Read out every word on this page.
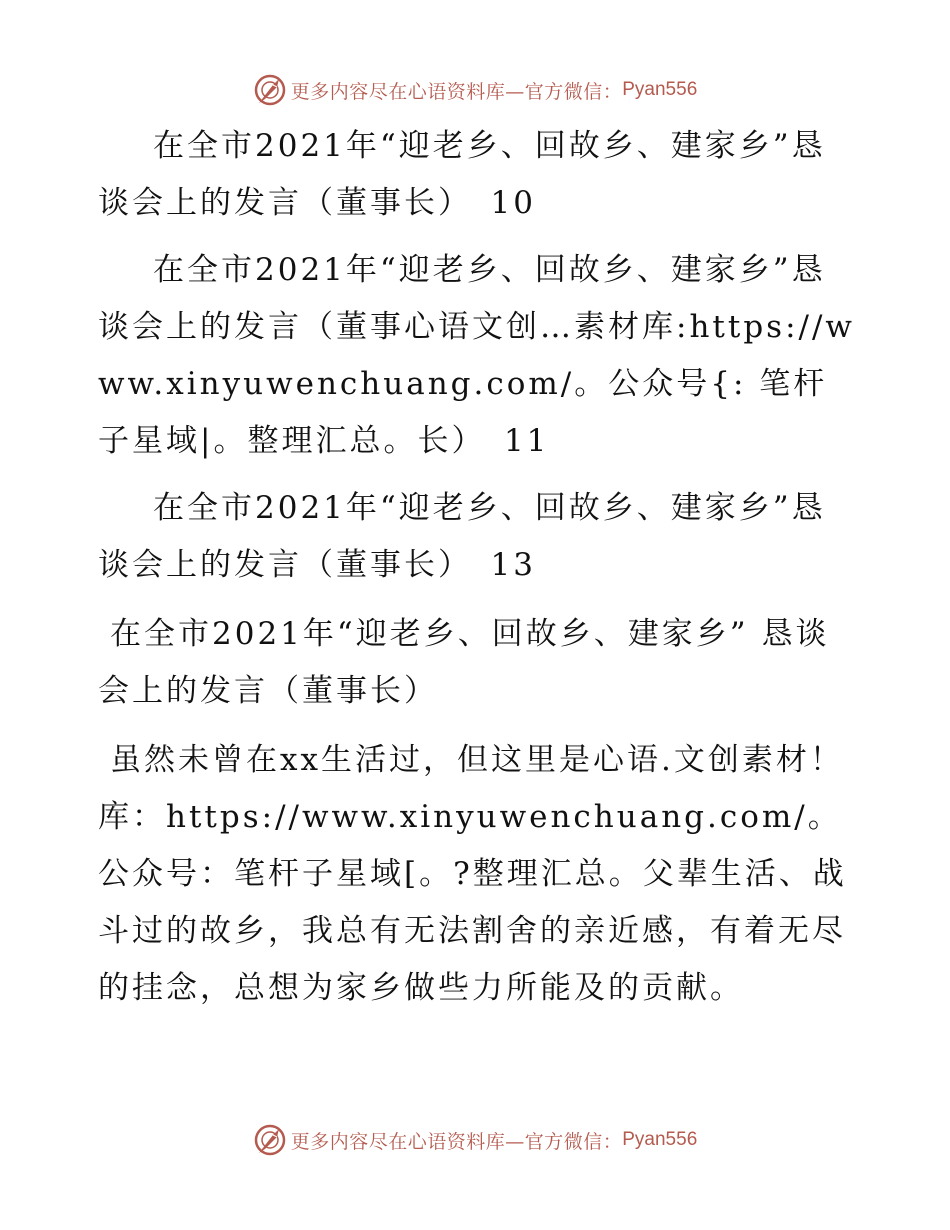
更多内容尽在心语资料库—官方微信： Pyan556

在全市2021年“迎老乡、回故乡、建家乡”恳谈会上的发言（董事长）　10

在全市2021年“迎老乡、回故乡、建家乡”恳谈会上的发言（董事心语文创…素材库:https://www.xinyuwenchuang.com/。公众号{: 笔杆子星域|。整理汇总。长）　11

在全市2021年“迎老乡、回故乡、建家乡”恳谈会上的发言（董事长）　13

在全市2021年“迎老乡、回故乡、建家乡” 恳谈会上的发言（董事长）

虽然未曾在xx生活过，但这里是心语.文创素材！库：https://www.xinyuwenchuang.com/。公众号：笔杆子星域[。?整理汇总。父辈生活、战斗过的故乡，我总有无法割舍的亲近感，有着无尽的挂念，总想为家乡做些力所能及的贡献。

更多内容尽在心语资料库—官方微信： Pyan556
